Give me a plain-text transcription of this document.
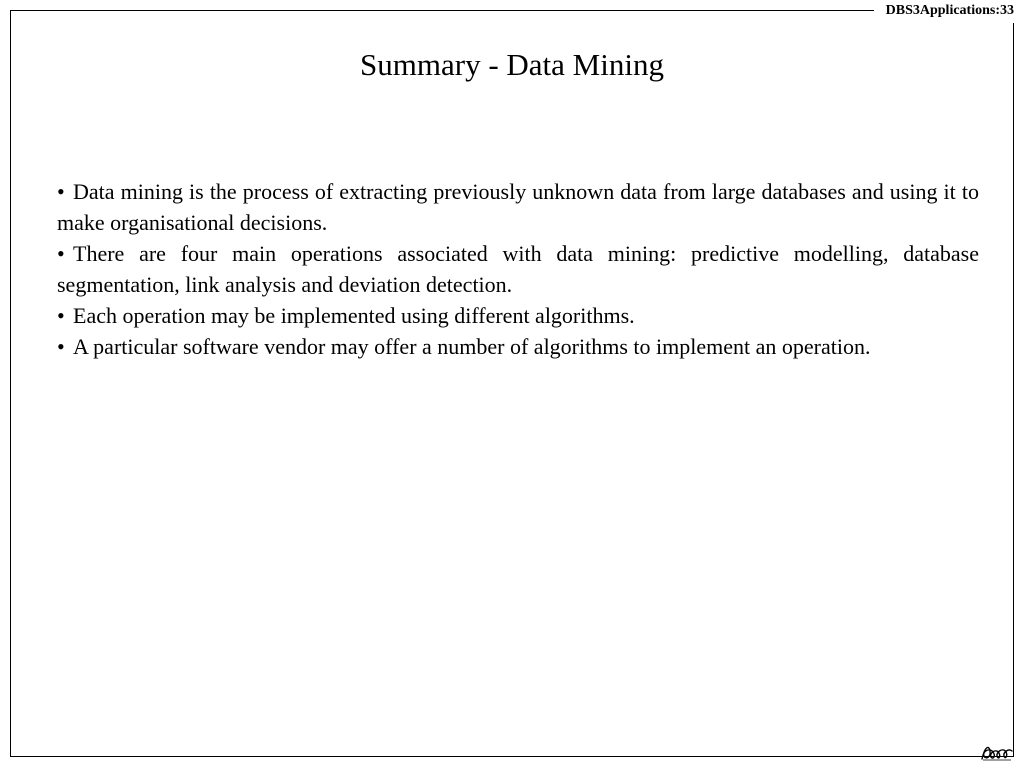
DBS3Applications:33
Summary - Data Mining
• Data mining is the process of extracting previously unknown data from large databases and using it to make organisational decisions.
• There are four main operations associated with data mining: predictive modelling, database segmentation, link analysis and deviation detection.
• Each operation may be implemented using different algorithms.
• A particular software vendor may offer a number of algorithms to implement an operation.
